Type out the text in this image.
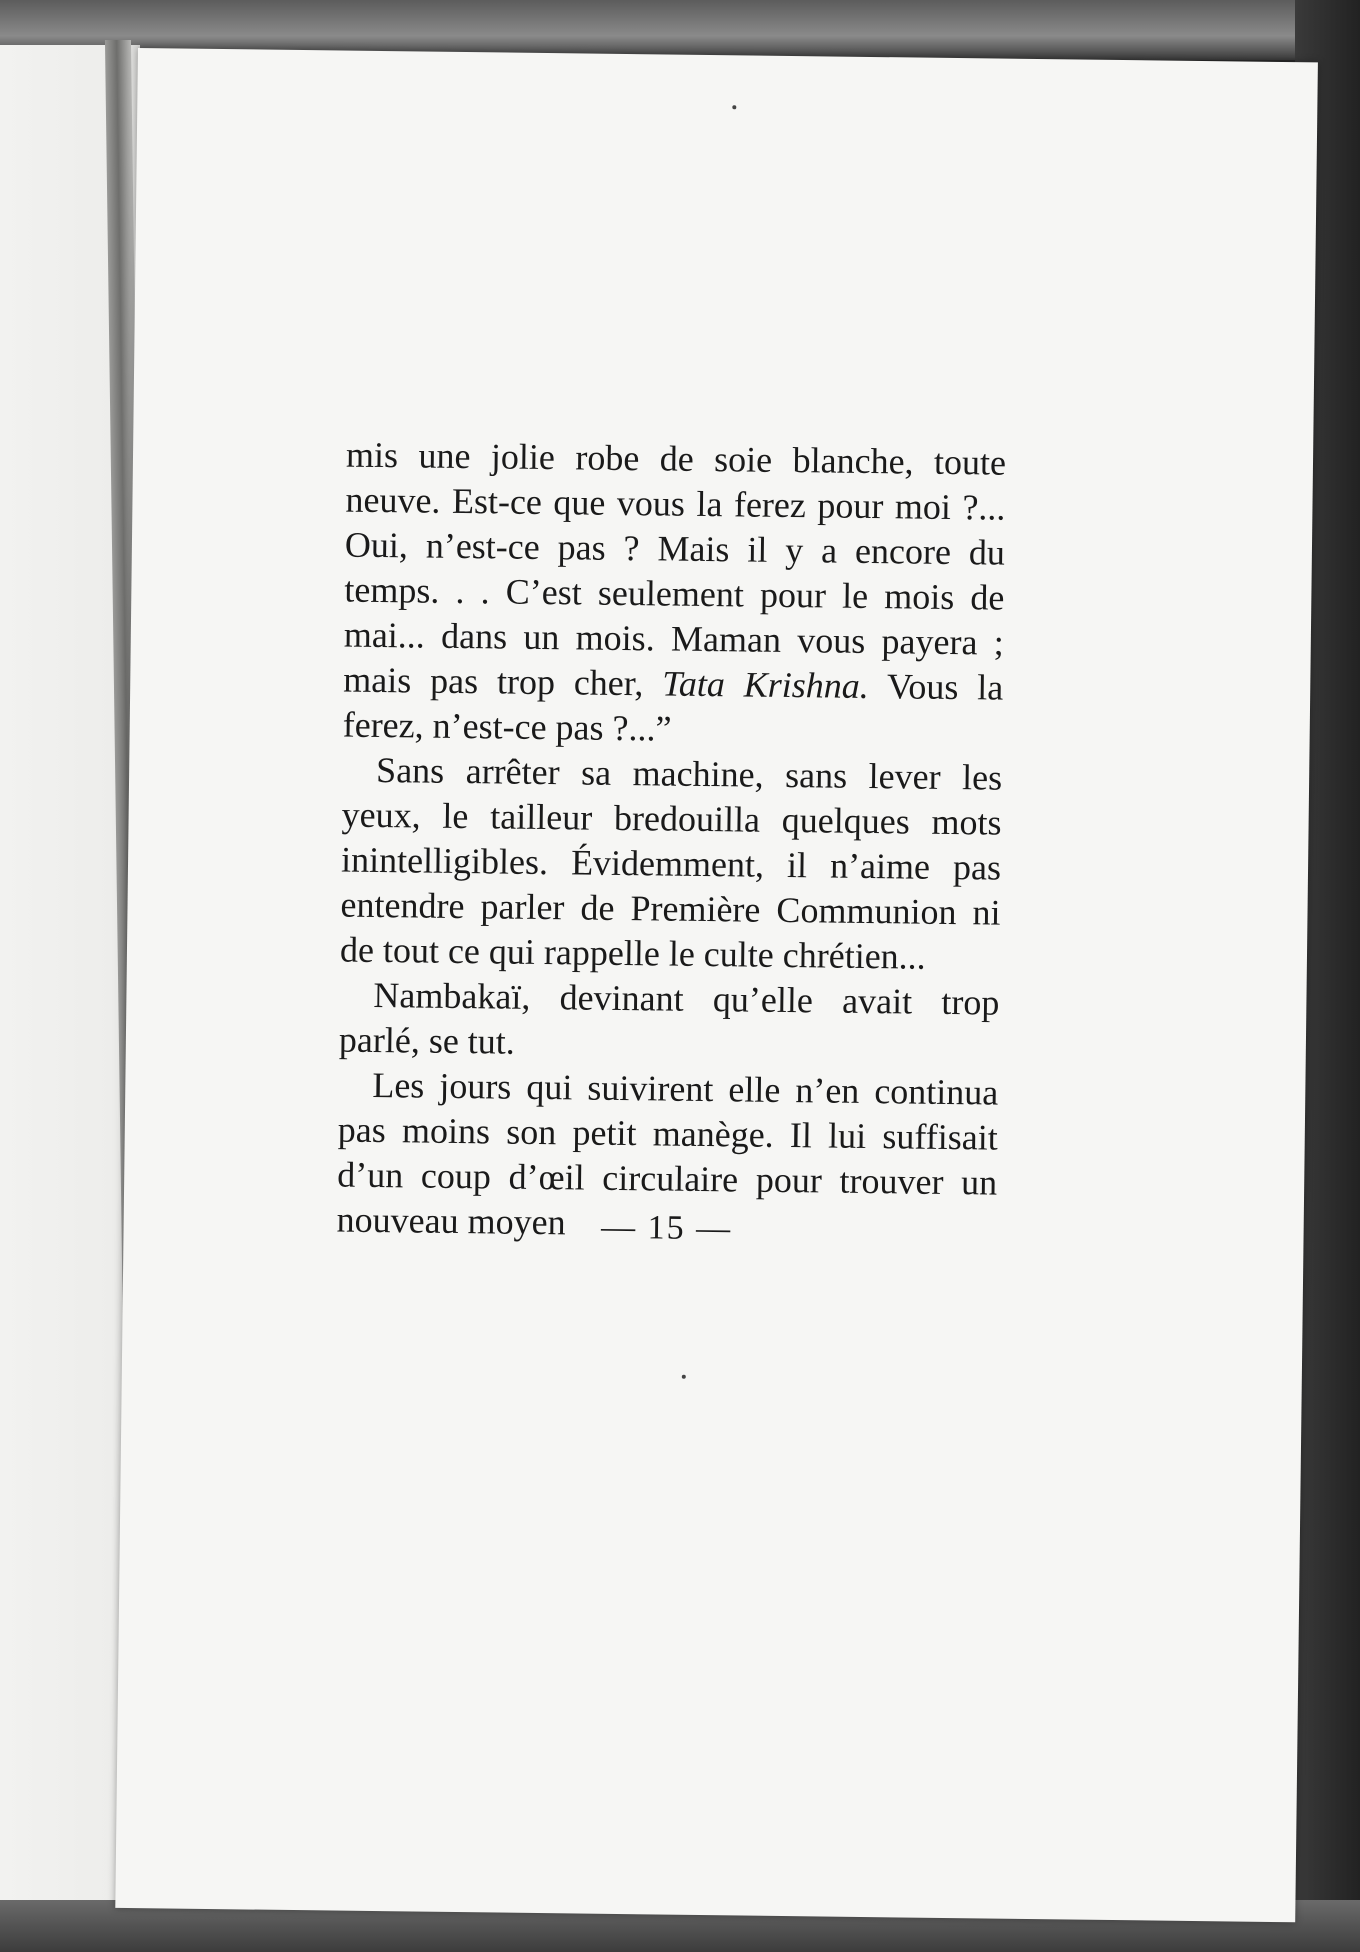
mis une jolie robe de soie blanche, toute neuve. Est-ce que vous la ferez pour moi ?... Oui, n’est-ce pas ? Mais il y a encore du temps. . . C’est seulement pour le mois de mai... dans un mois. Maman vous payera ; mais pas trop cher, Tata Krishna. Vous la ferez, n’est-ce pas ?...”

Sans arrêter sa machine, sans lever les yeux, le tailleur bredouilla quelques mots inintelligibles. Évidemment, il n’aime pas entendre parler de Première Communion ni de tout ce qui rappelle le culte chrétien...

Nambakaï, devinant qu’elle avait trop parlé, se tut.

Les jours qui suivirent elle n’en continua pas moins son petit manège. Il lui suffisait d’un coup d’œil circulaire pour trouver un nouveau moyen	— 15 —
